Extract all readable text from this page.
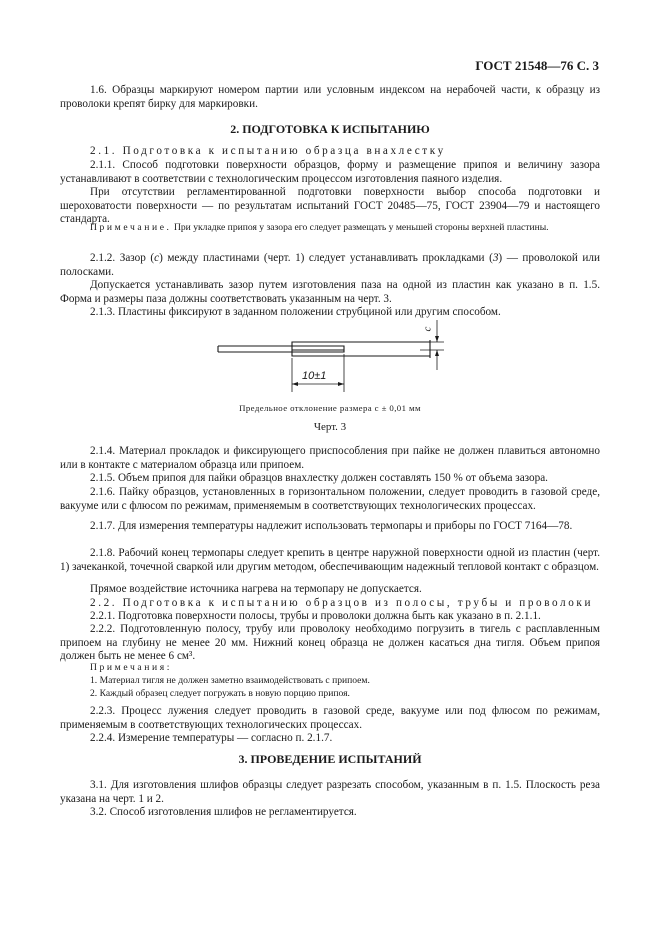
ГОСТ 21548—76 С. 3
1.6. Образцы маркируют номером партии или условным индексом на нерабочей части, к образцу из проволоки крепят бирку для маркировки.
2. ПОДГОТОВКА К ИСПЫТАНИЮ
2.1. Подготовка к испытанию образца внахлестку
2.1.1. Способ подготовки поверхности образцов, форму и размещение припоя и величину зазора устанавливают в соответствии с технологическим процессом изготовления паяного изделия.
При отсутствии регламентированной подготовки поверхности выбор способа подготовки и шероховатости поверхности — по результатам испытаний ГОСТ 20485—75, ГОСТ 23904—79 и настоящего стандарта.
Примечание. При укладке припоя у зазора его следует размещать у меньшей стороны верхней пластины.
2.1.2. Зазор (с) между пластинами (черт. 1) следует устанавливать прокладками (3) — проволокой или полосками.
Допускается устанавливать зазор путем изготовления паза на одной из пластин как указано в п. 1.5. Форма и размеры паза должны соответствовать указанным на черт. 3.
2.1.3. Пластины фиксируют в заданном положении струбциной или другим способом.
10±1
c
Предельное отклонение размера с ± 0,01 мм
Черт. 3
2.1.4. Материал прокладок и фиксирующего приспособления при пайке не должен плавиться автономно или в контакте с материалом образца или припоем.
2.1.5. Объем припоя для пайки образцов внахлестку должен составлять 150 % от объема зазора.
2.1.6. Пайку образцов, установленных в горизонтальном положении, следует проводить в газовой среде, вакууме или с флюсом по режимам, применяемым в соответствующих технологических процессах.
2.1.7. Для измерения температуры надлежит использовать термопары и приборы по ГОСТ 7164—78.
2.1.8. Рабочий конец термопары следует крепить в центре наружной поверхности одной из пластин (черт. 1) зачеканкой, точечной сваркой или другим методом, обеспечивающим надежный тепловой контакт с образцом.
Прямое воздействие источника нагрева на термопару не допускается.
2.2. Подготовка к испытанию образцов из полосы, трубы и проволоки
2.2.1. Подготовка поверхности полосы, трубы и проволоки должна быть как указано в п. 2.1.1.
2.2.2. Подготовленную полосу, трубу или проволоку необходимо погрузить в тигель с расплавленным припоем на глубину не менее 20 мм. Нижний конец образца не должен касаться дна тигля. Объем припоя должен быть не менее 6 см³.
Примечания:
1. Материал тигля не должен заметно взаимодействовать с припоем.
2. Каждый образец следует погружать в новую порцию припоя.
2.2.3. Процесс лужения следует проводить в газовой среде, вакууме или под флюсом по режимам, применяемым в соответствующих технологических процессах.
2.2.4. Измерение температуры — согласно п. 2.1.7.
3. ПРОВЕДЕНИЕ ИСПЫТАНИЙ
3.1. Для изготовления шлифов образцы следует разрезать способом, указанным в п. 1.5. Плоскость реза указана на черт. 1 и 2.
3.2. Способ изготовления шлифов не регламентируется.
